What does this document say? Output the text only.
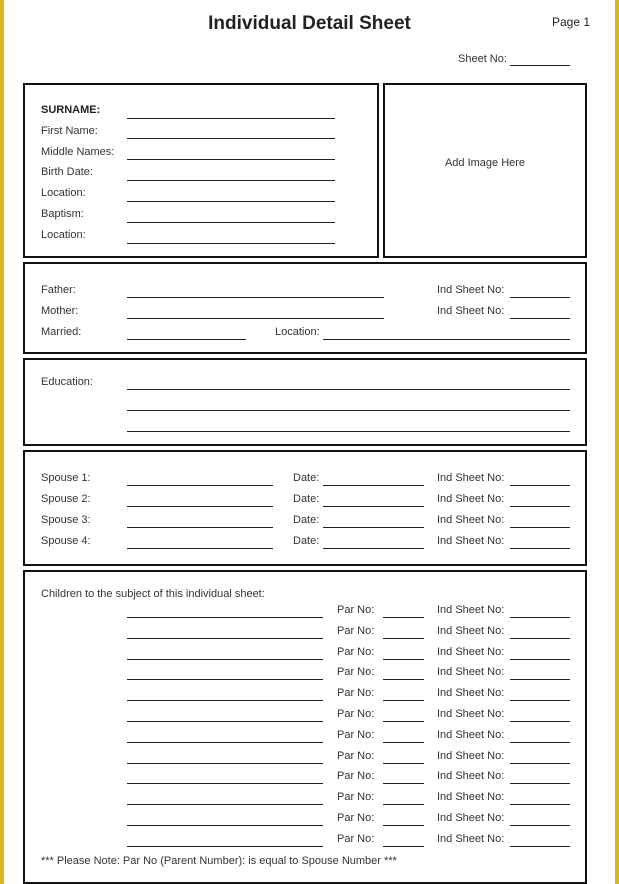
Individual Detail Sheet	Page 1
Sheet No:
SURNAME:
First Name:
Middle Names:
Birth Date:
Location:
Baptism:
Location:
Add Image Here
Father:	Ind Sheet No:
Mother:	Ind Sheet No:
Married:	Location:
Education:
Spouse 1:	Date:	Ind Sheet No:
Spouse 2:	Date:	Ind Sheet No:
Spouse 3:	Date:	Ind Sheet No:
Spouse 4:	Date:	Ind Sheet No:
Children to the subject of this individual sheet:
Par No:	Ind Sheet No:
Par No:	Ind Sheet No:
Par No:	Ind Sheet No:
Par No:	Ind Sheet No:
Par No:	Ind Sheet No:
Par No:	Ind Sheet No:
Par No:	Ind Sheet No:
Par No:	Ind Sheet No:
Par No:	Ind Sheet No:
Par No:	Ind Sheet No:
Par No:	Ind Sheet No:
Par No:	Ind Sheet No:
*** Please Note: Par No (Parent Number): is equal to Spouse Number ***
